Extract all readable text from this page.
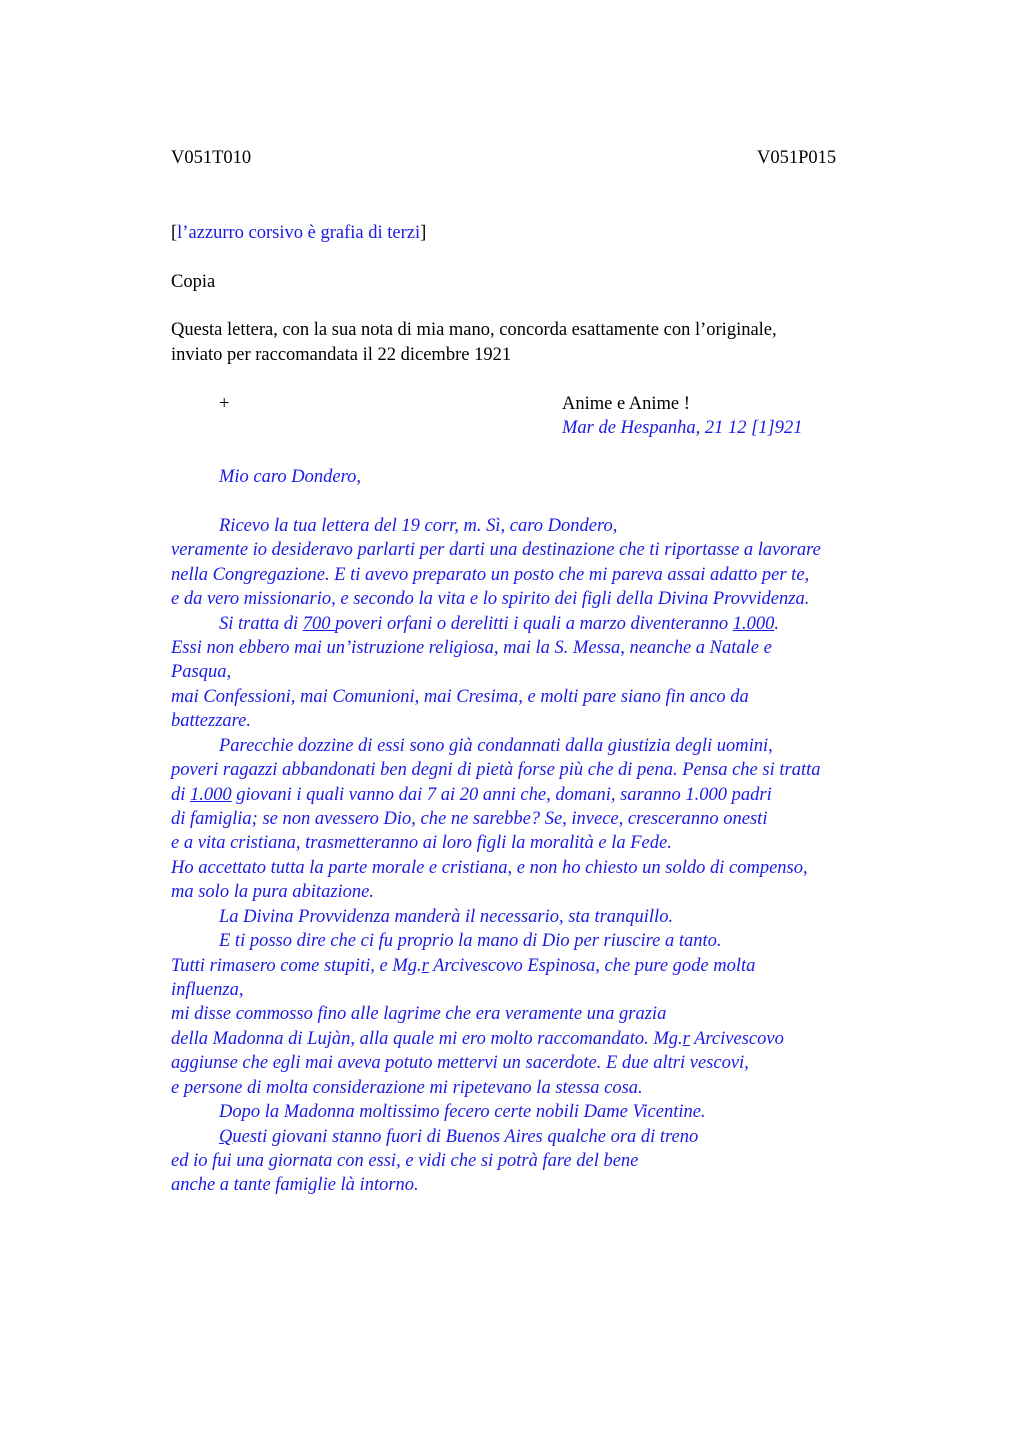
V051T010	V051P015
[l’azzurro corsivo è grafia di terzi]
Copia
Questa lettera, con la sua nota di mia mano, concorda esattamente con l’originale,
inviato per raccomandata il 22 dicembre 1921
+	Anime e Anime !
Mar de Hespanha, 21 12 [1]921
Mio caro Dondero,
Ricevo la tua lettera del 19 corr, m. Sì, caro Dondero,
veramente io desideravo parlarti per darti una destinazione che ti riportasse a lavorare
nella Congregazione. E ti avevo preparato un posto che mi pareva assai adatto per te,
e da vero missionario, e secondo la vita e lo spirito dei figli della Divina Provvidenza.
Si tratta di 700 poveri orfani o derelitti i quali a marzo diventeranno 1.000.
Essi non ebbero mai un’istruzione religiosa, mai la S. Messa, neanche a Natale e
Pasqua,
mai Confessioni, mai Comunioni, mai Cresima, e molti pare siano fin anco da
battezzare.
Parecchie dozzine di essi sono già condannati dalla giustizia degli uomini,
poveri ragazzi abbandonati ben degni di pietà forse più che di pena. Pensa che si tratta
di 1.000 giovani i quali vanno dai 7 ai 20 anni che, domani, saranno 1.000 padri
di famiglia; se non avessero Dio, che ne sarebbe? Se, invece, cresceranno onesti
e a vita cristiana, trasmetteranno ai loro figli la moralità e la Fede.
Ho accettato tutta la parte morale e cristiana, e non ho chiesto un soldo di compenso,
ma solo la pura abitazione.
La Divina Provvidenza manderà il necessario, sta tranquillo.
E ti posso dire che ci fu proprio la mano di Dio per riuscire a tanto.
Tutti rimasero come stupiti, e Mg.r Arcivescovo Espinosa, che pure gode molta
influenza,
mi disse commosso fino alle lagrime che era veramente una grazia
della Madonna di Lujàn, alla quale mi ero molto raccomandato. Mg.r Arcivescovo
aggiunse che egli mai aveva potuto mettervi un sacerdote. E due altri vescovi,
e persone di molta considerazione mi ripetevano la stessa cosa.
Dopo la Madonna moltissimo fecero certe nobili Dame Vicentine.
Questi giovani stanno fuori di Buenos Aires qualche ora di treno
ed io fui una giornata con essi, e vidi che si potrà fare del bene
anche a tante famiglie là intorno.
